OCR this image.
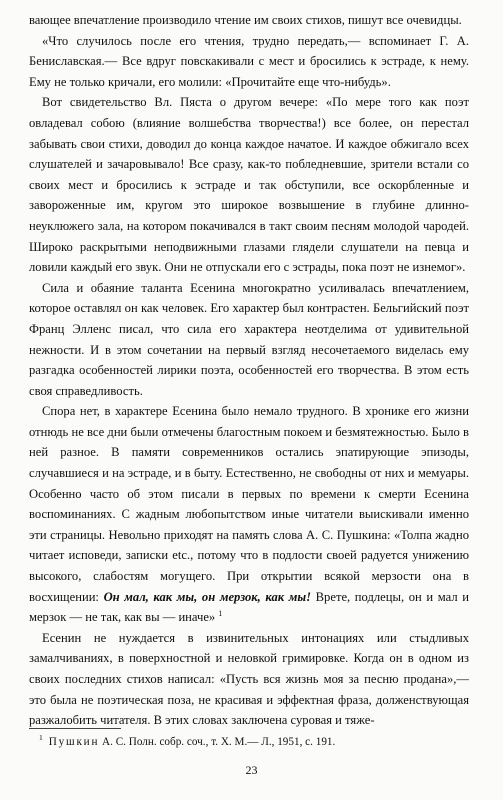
вающее впечатление производило чтение им своих стихов, пишут все очевидцы.

«Что случилось после его чтения, трудно передать,— вспоминает Г. А. Бениславская.— Все вдруг повскакивали с мест и бросились к эстраде, к нему. Ему не только кричали, его молили: «Прочитайте еще что-нибудь».

Вот свидетельство Вл. Пяста о другом вечере: «По мере того как поэт овладевал собою (влияние волшебства творчества!) все более, он перестал забывать свои стихи, доводил до конца каждое начатое. И каждое обжигало всех слушателей и зачаровывало! Все сразу, как-то побледневшие, зрители встали со своих мест и бросились к эстраде и так обступили, все оскорбленные и завороженные им, кругом это широкое возвышение в глубине длинно-неуклюжего зала, на котором покачивался в такт своим песням молодой чародей. Широко раскрытыми неподвижными глазами глядели слушатели на певца и ловили каждый его звук. Они не отпускали его с эстрады, пока поэт не изнемог».

Сила и обаяние таланта Есенина многократно усиливалась впечатлением, которое оставлял он как человек. Его характер был контрастен. Бельгийский поэт Франц Элленс писал, что сила его характера неотделима от удивительной нежности. И в этом сочетании на первый взгляд несочетаемого виделась ему разгадка особенностей лирики поэта, особенностей его творчества. В этом есть своя справедливость.

Спора нет, в характере Есенина было немало трудного. В хронике его жизни отнюдь не все дни были отмечены благостным покоем и безмятежностью. Было в ней разное. В памяти современников остались эпатирующие эпизоды, случавшиеся и на эстраде, и в быту. Естественно, не свободны от них и мемуары. Особенно часто об этом писали в первых по времени к смерти Есенина воспоминаниях. С жадным любопытством иные читатели выискивали именно эти страницы. Невольно приходят на память слова А. С. Пушкина: «Толпа жадно читает исповеди, записки etc., потому что в подлости своей радуется унижению высокого, слабостям могущего. При открытии всякой мерзости она в восхищении: Он мал, как мы, он мерзок, как мы! Врете, подлецы, он и мал и мерзок — не так, как вы — иначе» $^1$

Есенин не нуждается в извинительных интонациях или стыдливых замалчиваниях, в поверхностной и неловкой гримировке. Когда он в одном из своих последних стихов написал: «Пусть вся жизнь моя за песню продана»,— это была не поэтическая поза, не красивая и эффектная фраза, долженствующая разжалобить читателя. В этих словах заключена суровая и тяже-

$^1$ Пушкин А. С. Полн. собр. соч., т. X. М.— Л., 1951, с. 191.
23
